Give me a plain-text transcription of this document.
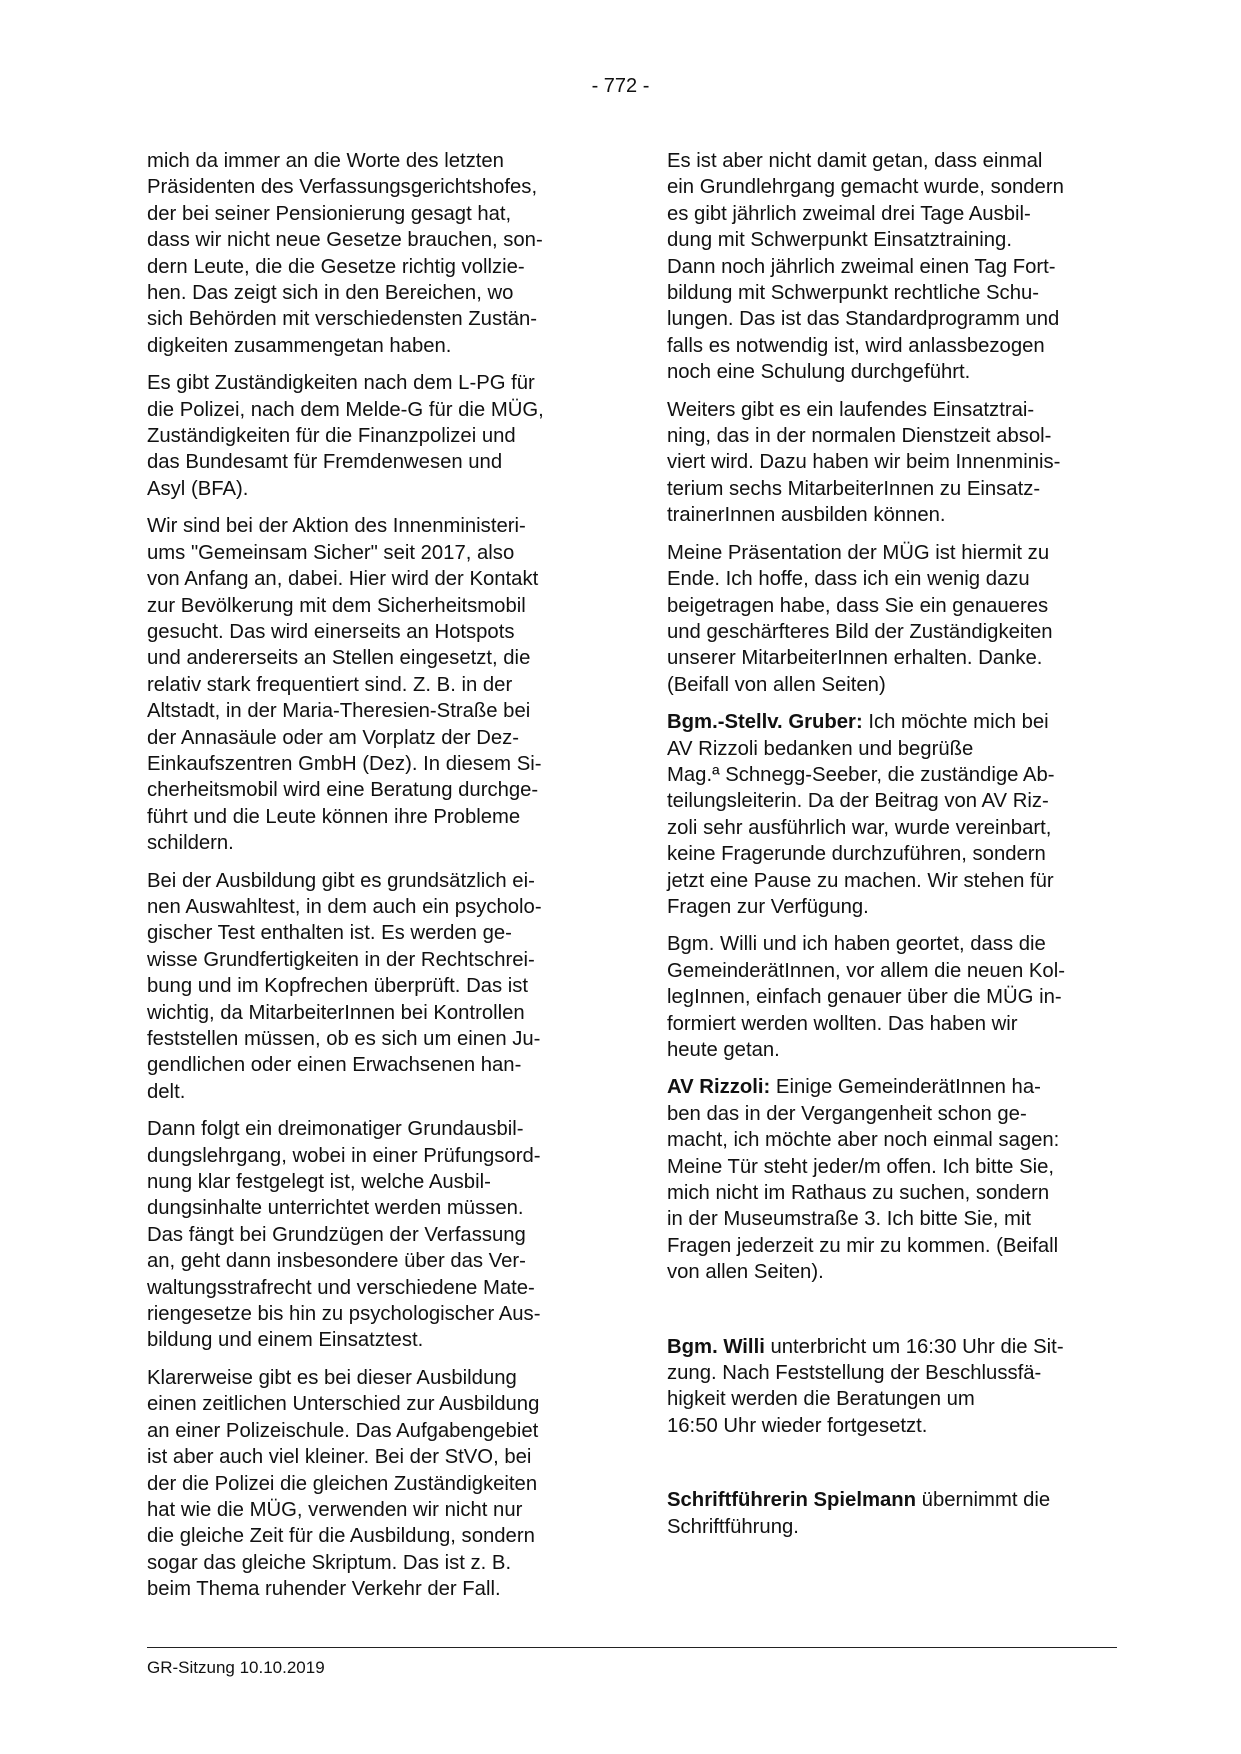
- 772 -

mich da immer an die Worte des letzten
Präsidenten des Verfassungsgerichtshofes,
der bei seiner Pensionierung gesagt hat,
dass wir nicht neue Gesetze brauchen, son-
dern Leute, die die Gesetze richtig vollzie-
hen. Das zeigt sich in den Bereichen, wo
sich Behörden mit verschiedensten Zustän-
digkeiten zusammengetan haben.

Es gibt Zuständigkeiten nach dem L-PG für
die Polizei, nach dem Melde-G für die MÜG,
Zuständigkeiten für die Finanzpolizei und
das Bundesamt für Fremdenwesen und
Asyl (BFA).

Wir sind bei der Aktion des Innenministeri-
ums "Gemeinsam Sicher" seit 2017, also
von Anfang an, dabei. Hier wird der Kontakt
zur Bevölkerung mit dem Sicherheitsmobil
gesucht. Das wird einerseits an Hotspots
und andererseits an Stellen eingesetzt, die
relativ stark frequentiert sind. Z. B. in der
Altstadt, in der Maria-Theresien-Straße bei
der Annasäule oder am Vorplatz der Dez-
Einkaufszentren GmbH (Dez). In diesem Si-
cherheitsmobil wird eine Beratung durchge-
führt und die Leute können ihre Probleme
schildern.

Bei der Ausbildung gibt es grundsätzlich ei-
nen Auswahltest, in dem auch ein psycholo-
gischer Test enthalten ist. Es werden ge-
wisse Grundfertigkeiten in der Rechtschrei-
bung und im Kopfrechen überprüft. Das ist
wichtig, da MitarbeiterInnen bei Kontrollen
feststellen müssen, ob es sich um einen Ju-
gendlichen oder einen Erwachsenen han-
delt.

Dann folgt ein dreimonatiger Grundausbil-
dungslehrgang, wobei in einer Prüfungsord-
nung klar festgelegt ist, welche Ausbil-
dungsinhalte unterrichtet werden müssen.
Das fängt bei Grundzügen der Verfassung
an, geht dann insbesondere über das Ver-
waltungsstrafrecht und verschiedene Mate-
riengesetze bis hin zu psychologischer Aus-
bildung und einem Einsatztest.

Klarerweise gibt es bei dieser Ausbildung
einen zeitlichen Unterschied zur Ausbildung
an einer Polizeischule. Das Aufgabengebiet
ist aber auch viel kleiner. Bei der StVO, bei
der die Polizei die gleichen Zuständigkeiten
hat wie die MÜG, verwenden wir nicht nur
die gleiche Zeit für die Ausbildung, sondern
sogar das gleiche Skriptum. Das ist z. B.
beim Thema ruhender Verkehr der Fall.

Es ist aber nicht damit getan, dass einmal
ein Grundlehrgang gemacht wurde, sondern
es gibt jährlich zweimal drei Tage Ausbil-
dung mit Schwerpunkt Einsatztraining.
Dann noch jährlich zweimal einen Tag Fort-
bildung mit Schwerpunkt rechtliche Schu-
lungen. Das ist das Standardprogramm und
falls es notwendig ist, wird anlassbezogen
noch eine Schulung durchgeführt.

Weiters gibt es ein laufendes Einsatztrai-
ning, das in der normalen Dienstzeit absol-
viert wird. Dazu haben wir beim Innenminis-
terium sechs MitarbeiterInnen zu Einsatz-
trainerInnen ausbilden können.

Meine Präsentation der MÜG ist hiermit zu
Ende. Ich hoffe, dass ich ein wenig dazu
beigetragen habe, dass Sie ein genaueres
und geschärfteres Bild der Zuständigkeiten
unserer MitarbeiterInnen erhalten. Danke.
(Beifall von allen Seiten)

Bgm.-Stellv. Gruber: Ich möchte mich bei
AV Rizzoli bedanken und begrüße
Mag.ª Schnegg-Seeber, die zuständige Ab-
teilungsleiterin. Da der Beitrag von AV Riz-
zoli sehr ausführlich war, wurde vereinbart,
keine Fragerunde durchzuführen, sondern
jetzt eine Pause zu machen. Wir stehen für
Fragen zur Verfügung.

Bgm. Willi und ich haben geortet, dass die
GemeinderätInnen, vor allem die neuen Kol-
legInnen, einfach genauer über die MÜG in-
formiert werden wollten. Das haben wir
heute getan.

AV Rizzoli: Einige GemeinderätInnen ha-
ben das in der Vergangenheit schon ge-
macht, ich möchte aber noch einmal sagen:
Meine Tür steht jeder/m offen. Ich bitte Sie,
mich nicht im Rathaus zu suchen, sondern
in der Museumstraße 3. Ich bitte Sie, mit
Fragen jederzeit zu mir zu kommen. (Beifall
von allen Seiten).

Bgm. Willi unterbricht um 16:30 Uhr die Sit-
zung. Nach Feststellung der Beschlussfä-
higkeit werden die Beratungen um
16:50 Uhr wieder fortgesetzt.

Schriftführerin Spielmann übernimmt die
Schriftführung.

GR-Sitzung 10.10.2019
